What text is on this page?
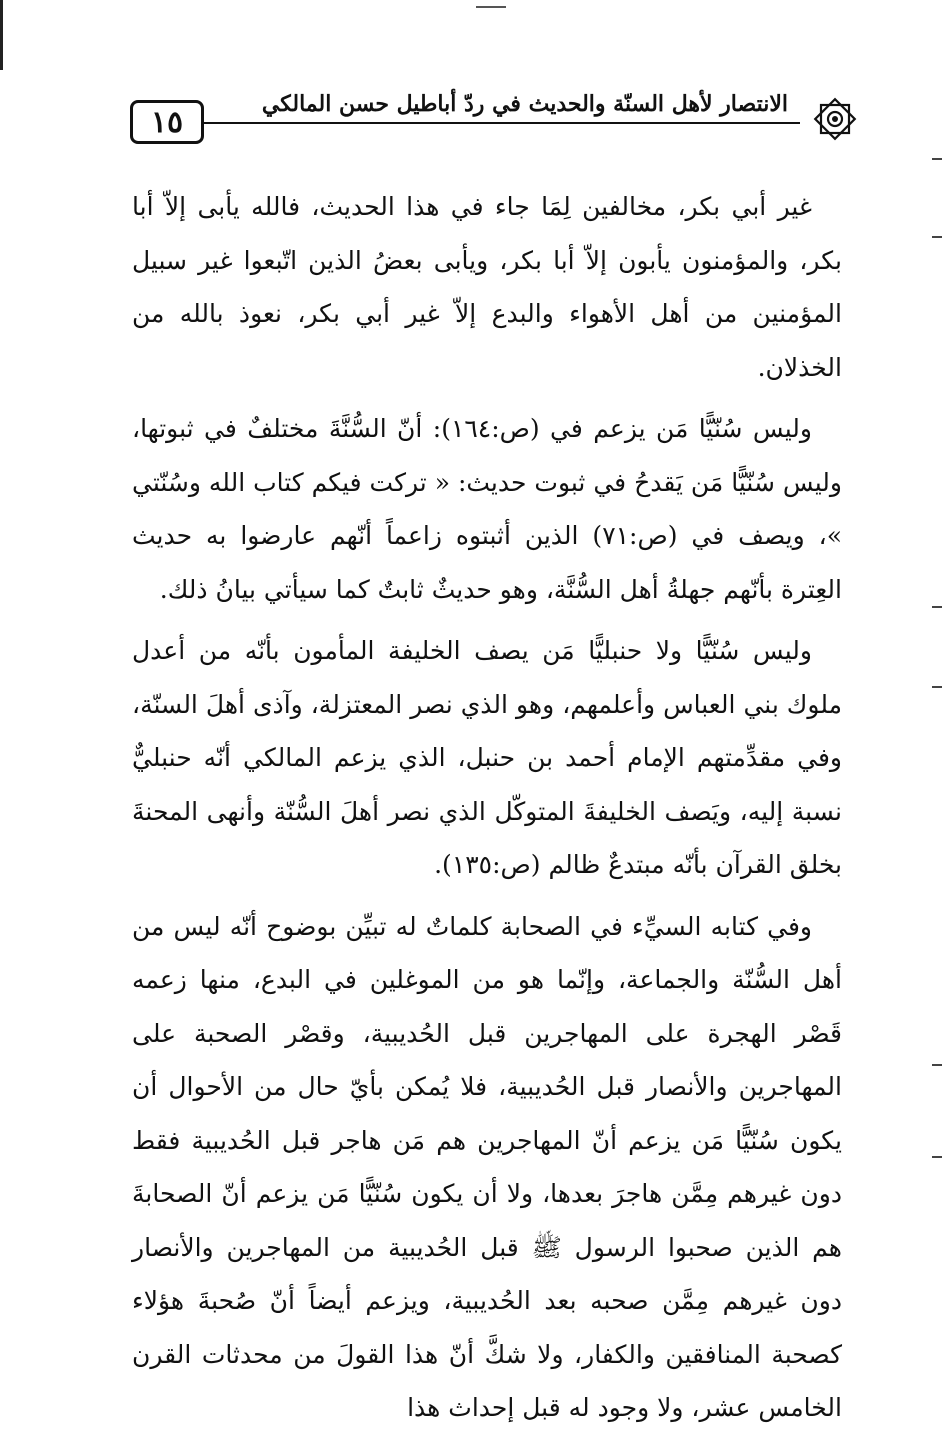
١٥
الانتصار لأهل السنّة والحديث في ردّ أباطيل حسن المالكي

غير أبي بكر، مخالفين لِمَا جاء في هذا الحديث، فالله يأبى إلاّ أبا بكر، والمؤمنون يأبون إلاّ أبا بكر، ويأبى بعضُ الذين اتّبعوا غير سبيل المؤمنين من أهل الأهواء والبدع إلاّ غير أبي بكر، نعوذ بالله من الخذلان.

وليس سُنّيًّا مَن يزعم في (ص:١٦٤): أنّ السُّنَّةَ مختلفٌ في ثبوتها، وليس سُنّيًّا مَن يَقدحُ في ثبوت حديث: « تركت فيكم كتاب الله وسُنّتي »، ويصف في (ص:٧١) الذين أثبتوه زاعماً أنّهم عارضوا به حديث العِترة بأنّهم جهلةُ أهل السُّنَّة، وهو حديثٌ ثابتٌ كما سيأتي بيانُ ذلك.

وليس سُنّيًّا ولا حنبليًّا مَن يصف الخليفة المأمون بأنّه من أعدل ملوك بني العباس وأعلمهم، وهو الذي نصر المعتزلة، وآذى أهلَ السنّة، وفي مقدِّمتهم الإمام أحمد بن حنبل، الذي يزعم المالكي أنّه حنبليٌّ نسبة إليه، ويَصف الخليفةَ المتوكّل الذي نصر أهلَ السُّنّة وأنهى المحنةَ بخلق القرآن بأنّه مبتدعٌ ظالم (ص:١٣٥).

وفي كتابه السيِّء في الصحابة كلماتٌ له تبيِّن بوضوح أنّه ليس من أهل السُّنّة والجماعة، وإنّما هو من الموغلين في البدع، منها زعمه قَصْر الهجرة على المهاجرين قبل الحُديبية، وقصْر الصحبة على المهاجرين والأنصار قبل الحُديبية، فلا يُمكن بأيّ حال من الأحوال أن يكون سُنّيًّا مَن يزعم أنّ المهاجرين هم مَن هاجر قبل الحُديبية فقط دون غيرهم مِمَّن هاجرَ بعدها، ولا أن يكون سُنّيًّا مَن يزعم أنّ الصحابةَ هم الذين صحبوا الرسول ﷺ قبل الحُديبية من المهاجرين والأنصار دون غيرهم مِمَّن صحبه بعد الحُديبية، ويزعم أيضاً أنّ صُحبةَ هؤلاء كصحبة المنافقين والكفار، ولا شكَّ أنّ هذا القولَ من محدثات القرن الخامس عشر، ولا وجود له قبل إحداث هذا
